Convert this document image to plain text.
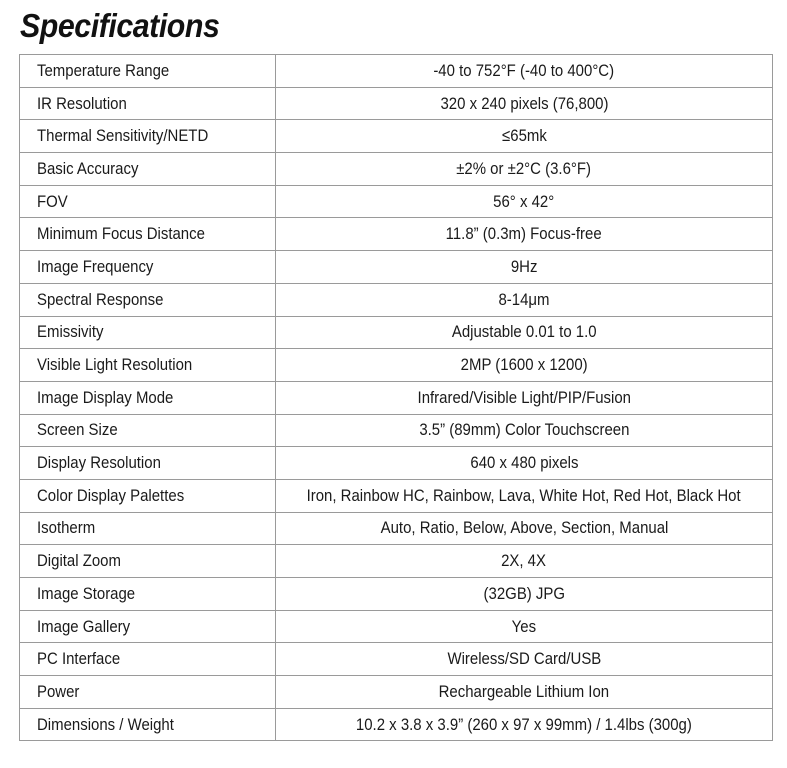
Specifications
Temperature Range	-40 to 752°F (-40 to 400°C)
IR Resolution	320 x 240 pixels (76,800)
Thermal Sensitivity/NETD	≤65mk
Basic Accuracy	±2% or ±2°C (3.6°F)
FOV	56° x 42°
Minimum Focus Distance	11.8” (0.3m) Focus-free
Image Frequency	9Hz
Spectral Response	8-14μm
Emissivity	Adjustable 0.01 to 1.0
Visible Light Resolution	2MP (1600 x 1200)
Image Display Mode	Infrared/Visible Light/PIP/Fusion
Screen Size	3.5” (89mm) Color Touchscreen
Display Resolution	640 x 480 pixels
Color Display Palettes	Iron, Rainbow HC, Rainbow, Lava, White Hot, Red Hot, Black Hot
Isotherm	Auto, Ratio, Below, Above, Section, Manual
Digital Zoom	2X, 4X
Image Storage	(32GB) JPG
Image Gallery	Yes
PC Interface	Wireless/SD Card/USB
Power	Rechargeable Lithium Ion
Dimensions / Weight	10.2 x 3.8 x 3.9” (260 x 97 x 99mm) / 1.4lbs (300g)
